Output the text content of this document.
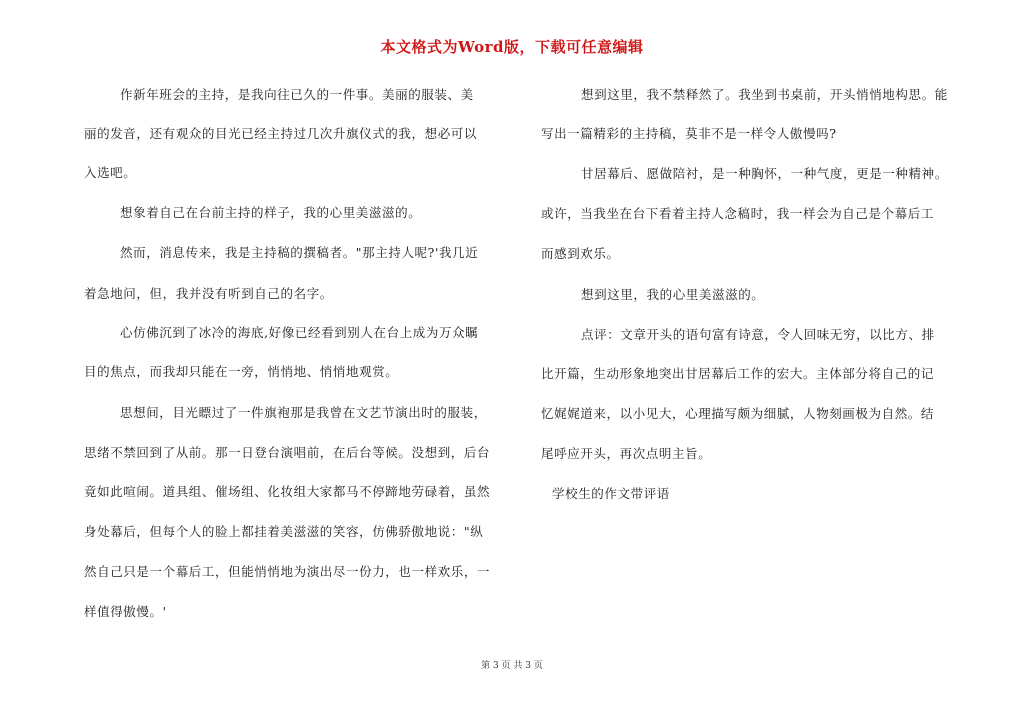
本文格式为Word版，下载可任意编辑
作新年班会的主持，是我向往已久的一件事。美丽的服装、美
丽的发音，还有观众的目光已经主持过几次升旗仪式的我，想必可以
入选吧。
想象着自己在台前主持的样子，我的心里美滋滋的。
然而，消息传来，我是主持稿的撰稿者。"那主持人呢?'我几近
着急地问，但，我并没有听到自己的名字。
心仿佛沉到了冰冷的海底,好像已经看到别人在台上成为万众瞩
目的焦点，而我却只能在一旁，悄悄地、悄悄地观赏。
思想间，目光瞟过了一件旗袍那是我曾在文艺节演出时的服装，
思绪不禁回到了从前。那一日登台演唱前，在后台等候。没想到，后台
竟如此喧闹。道具组、催场组、化妆组大家都马不停蹄地劳碌着，虽然
身处幕后，但每个人的脸上都挂着美滋滋的笑容，仿佛骄傲地说："纵
然自己只是一个幕后工，但能悄悄地为演出尽一份力，也一样欢乐，一
样值得傲慢。'
想到这里，我不禁释然了。我坐到书桌前，开头悄悄地构思。能
写出一篇精彩的主持稿，莫非不是一样令人傲慢吗?
甘居幕后、愿做陪衬，是一种胸怀，一种气度，更是一种精神。
或许，当我坐在台下看着主持人念稿时，我一样会为自己是个幕后工
而感到欢乐。
想到这里，我的心里美滋滋的。
点评：文章开头的语句富有诗意，令人回味无穷，以比方、排
比开篇，生动形象地突出甘居幕后工作的宏大。主体部分将自己的记
忆娓娓道来，以小见大，心理描写颇为细腻，人物刻画极为自然。结
尾呼应开头，再次点明主旨。
学校生的作文带评语
第 3 页 共 3 页
